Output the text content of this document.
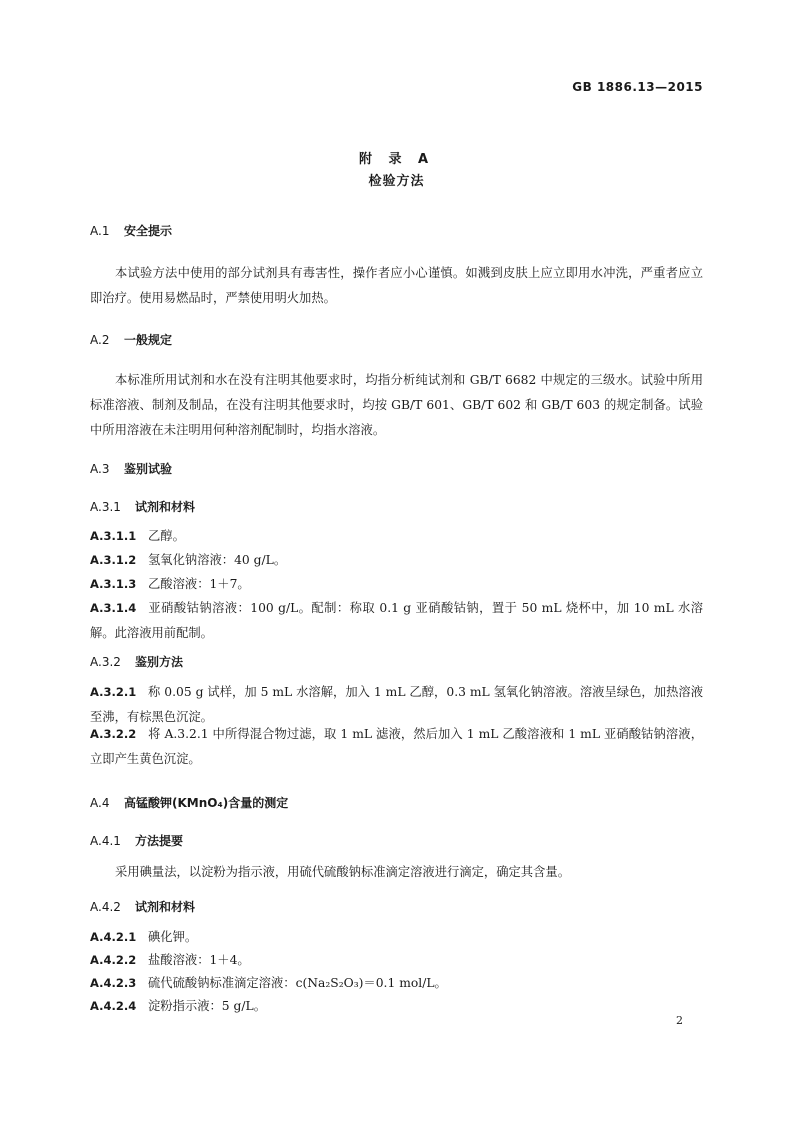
GB 1886.13—2015
附 录 A
检验方法
A.1 安全提示
本试验方法中使用的部分试剂具有毒害性，操作者应小心谨慎。如溅到皮肤上应立即用水冲洗，严重者应立即治疗。使用易燃品时，严禁使用明火加热。
A.2 一般规定
本标准所用试剂和水在没有注明其他要求时，均指分析纯试剂和 GB/T 6682 中规定的三级水。试验中所用标准溶液、制剂及制品，在没有注明其他要求时，均按 GB/T 601、GB/T 602 和 GB/T 603 的规定制备。试验中所用溶液在未注明用何种溶剂配制时，均指水溶液。
A.3 鉴别试验
A.3.1 试剂和材料
A.3.1.1 乙醇。
A.3.1.2 氢氧化钠溶液：40 g/L。
A.3.1.3 乙酸溶液：1＋7。
A.3.1.4 亚硝酸钴钠溶液：100 g/L。配制：称取 0.1 g 亚硝酸钴钠，置于 50 mL 烧杯中，加 10 mL 水溶解。此溶液用前配制。
A.3.2 鉴别方法
A.3.2.1 称 0.05 g 试样，加 5 mL 水溶解，加入 1 mL 乙醇，0.3 mL 氢氧化钠溶液。溶液呈绿色，加热溶液至沸，有棕黑色沉淀。
A.3.2.2 将 A.3.2.1 中所得混合物过滤，取 1 mL 滤液，然后加入 1 mL 乙酸溶液和 1 mL 亚硝酸钴钠溶液，立即产生黄色沉淀。
A.4 高锰酸钾(KMnO₄)含量的测定
A.4.1 方法提要
采用碘量法，以淀粉为指示液，用硫代硫酸钠标准滴定溶液进行滴定，确定其含量。
A.4.2 试剂和材料
A.4.2.1 碘化钾。
A.4.2.2 盐酸溶液：1＋4。
A.4.2.3 硫代硫酸钠标准滴定溶液：c(Na₂S₂O₃)＝0.1 mol/L。
A.4.2.4 淀粉指示液：5 g/L。
2
